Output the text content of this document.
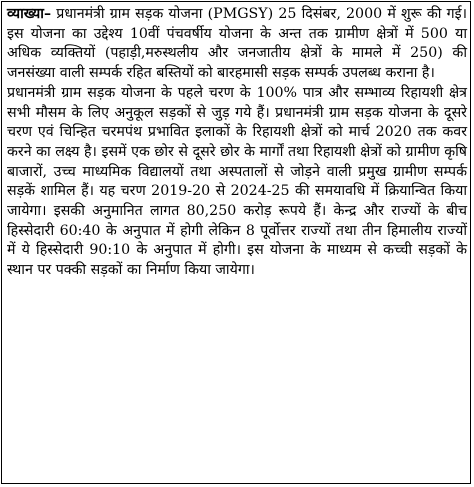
व्याख्या– प्रधानमंत्री ग्राम सड़क योजना (PMGSY) 25 दिसंबर, 2000 में शुरू की गई। इस योजना का उद्देश्य 10वीं पंचवर्षीय योजना के अन्त तक ग्रामीण क्षेत्रों में 500 या अधिक व्यक्तियों (पहाड़ी,मरुस्थलीय और जनजातीय क्षेत्रों के मामले में 250) की जनसंख्या वाली सम्पर्क रहित बस्तियों को बारहमासी सड़क सम्पर्क उपलब्ध कराना है।

प्रधानमंत्री ग्राम सड़क योजना के पहले चरण के 100% पात्र और सम्भाव्य रिहायशी क्षेत्र सभी मौसम के लिए अनुकूल सड़कों से जुड़ गये हैं। प्रधानमंत्री ग्राम सड़क योजना के दूसरे चरण एवं चिन्हित चरमपंथ प्रभावित इलाकों के रिहायशी क्षेत्रों को मार्च 2020 तक कवर करने का लक्ष्य है। इसमें एक छोर से दूसरे छोर के मार्गों तथा रिहायशी क्षेत्रों को ग्रामीण कृषि बाजारों, उच्च माध्यमिक विद्यालयों तथा अस्पतालों से जोड़ने वाली प्रमुख ग्रामीण सम्पर्क सड़कें शामिल हैं। यह चरण 2019-20 से 2024-25 की समयावधि में क्रियान्वित किया जायेगा। इसकी अनुमानित लागत 80,250 करोड़ रूपये हैं। केन्द्र और राज्यों के बीच हिस्सेदारी 60:40 के अनुपात में होगी लेकिन 8 पूर्वोत्तर राज्यों तथा तीन हिमालीय राज्यों में ये हिस्सेदारी 90:10 के अनुपात में होगी। इस योजना के माध्यम से कच्ची सड़कों के स्थान पर पक्की सड़कों का निर्माण किया जायेगा।
